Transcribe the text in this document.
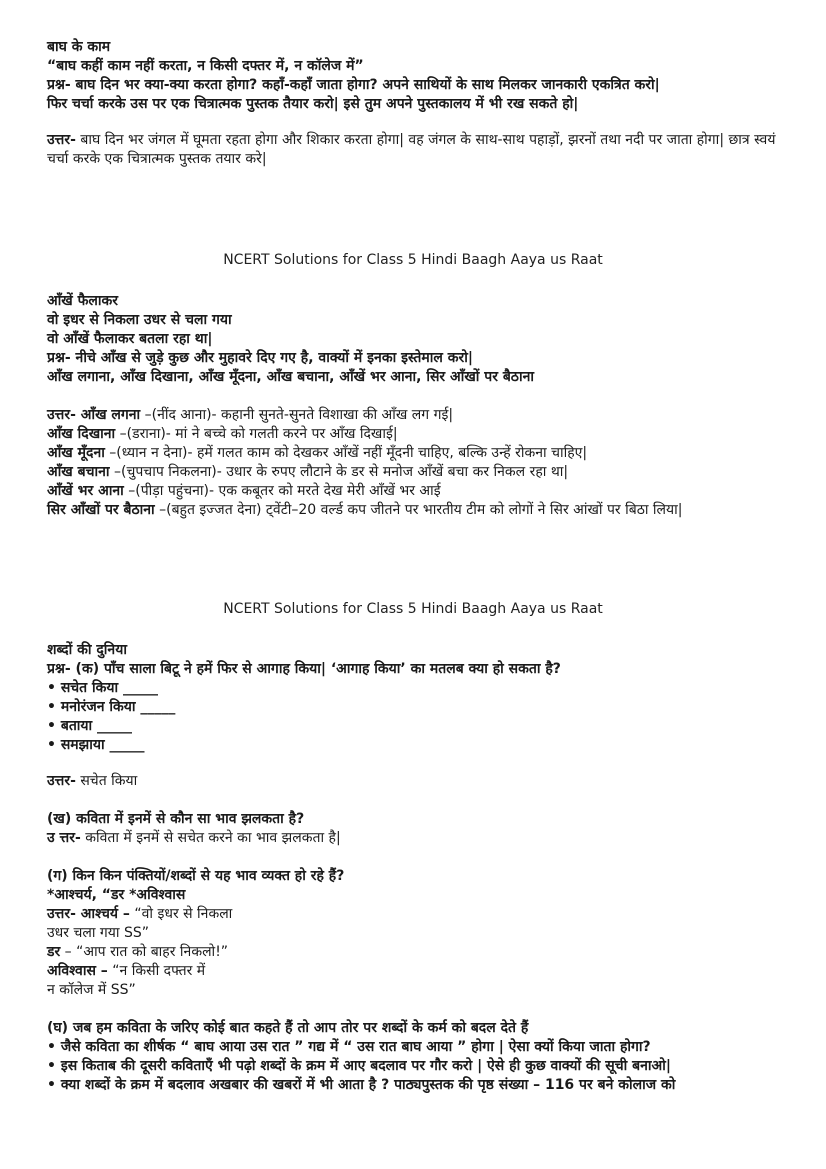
बाघ के काम
“बाघ कहीं काम नहीं करता, न किसी दफ्तर में, न कॉलेज में”
प्रश्न- बाघ दिन भर क्या-क्या करता होगा? कहाँ-कहाँ जाता होगा? अपने साथियों के साथ मिलकर जानकारी एकत्रित करो|
फिर चर्चा करके उस पर एक चित्रात्मक पुस्तक तैयार करो| इसे तुम अपने पुस्तकालय में भी रख सकते हो|
उत्तर- बाघ दिन भर जंगल में घूमता रहता होगा और शिकार करता होगा| वह जंगल के साथ-साथ पहाड़ों, झरनों तथा नदी पर जाता होगा| छात्र स्वयं चर्चा करके एक चित्रात्मक पुस्तक तयार करे|
NCERT Solutions for Class 5 Hindi Baagh Aaya us Raat
आँखें फैलाकर
वो इधर से निकला उधर से चला गया
वो आँखें फैलाकर बतला रहा था|
प्रश्न- नीचे आँख से जुड़े कुछ और मुहावरे दिए गए है, वाक्यों में इनका इस्तेमाल करो|
आँख लगाना, आँख दिखाना, आँख मूँदना, आँख बचाना, आँखें भर आना, सिर आँखों पर बैठाना
उत्तर- आँख लगना –(नींद आना)- कहानी सुनते-सुनते विशाखा की आँख लग गई|
आँख दिखाना –(डराना)- मां ने बच्चे को गलती करने पर आँख दिखाई|
आँख मूँदना –(ध्यान न देना)- हमें गलत काम को देखकर आँखें नहीं मूँदनी चाहिए, बल्कि उन्हें रोकना चाहिए|
आँख बचाना –(चुपचाप निकलना)- उधार के रुपए लौटाने के डर से मनोज आँखें बचा कर निकल रहा था|
आँखें भर आना –(पीड़ा पहुंचना)- एक कबूतर को मरते देख मेरी आँखें भर आई
सिर आँखों पर बैठाना –(बहुत इज्जत देना) ट्वेंटी–20 वर्ल्ड कप जीतने पर भारतीय टीम को लोगों ने सिर आंखों पर बिठा लिया|
NCERT Solutions for Class 5 Hindi Baagh Aaya us Raat
शब्दों की दुनिया
प्रश्न- (क) पाँच साला बिटू ने हमें फिर से आगाह किया| ‘आगाह किया’ का मतलब क्या हो सकता है?
• सचेत किया _____
• मनोरंजन किया _____
• बताया _____
• समझाया _____
उत्तर- सचेत किया
(ख) कविता में इनमें से कौन सा भाव झलकता है?
उ त्तर- कविता में इनमें से सचेत करने का भाव झलकता है|
(ग) किन किन पंक्तियों/शब्दों से यह भाव व्यक्त हो रहे हैं?
*आश्चर्य, “डर *अविश्वास
उत्तर- आश्चर्य – “वो इधर से निकला
उधर चला गया SS”
डर – “आप रात को बाहर निकलो!”
अविश्वास – “न किसी दफ्तर में
न कॉलेज में SS”
(घ) जब हम कविता के जरिए कोई बात कहते हैं तो आप तोर पर शब्दों के कर्म को बदल देते हैं
• जैसे कविता का शीर्षक “ बाघ आया उस रात ” गद्य में “ उस रात बाघ आया ” होगा | ऐसा क्यों किया जाता होगा?
• इस किताब की दूसरी कविताएँ भी पढ़ो शब्दों के क्रम में आए बदलाव पर गौर करो | ऐसे ही कुछ वाक्यों की सूची बनाओ|
• क्या शब्दों के क्रम में बदलाव अखबार की खबरों में भी आता है ? पाठ्यपुस्तक की पृष्ठ संख्या – 116 पर बने कोलाज को
